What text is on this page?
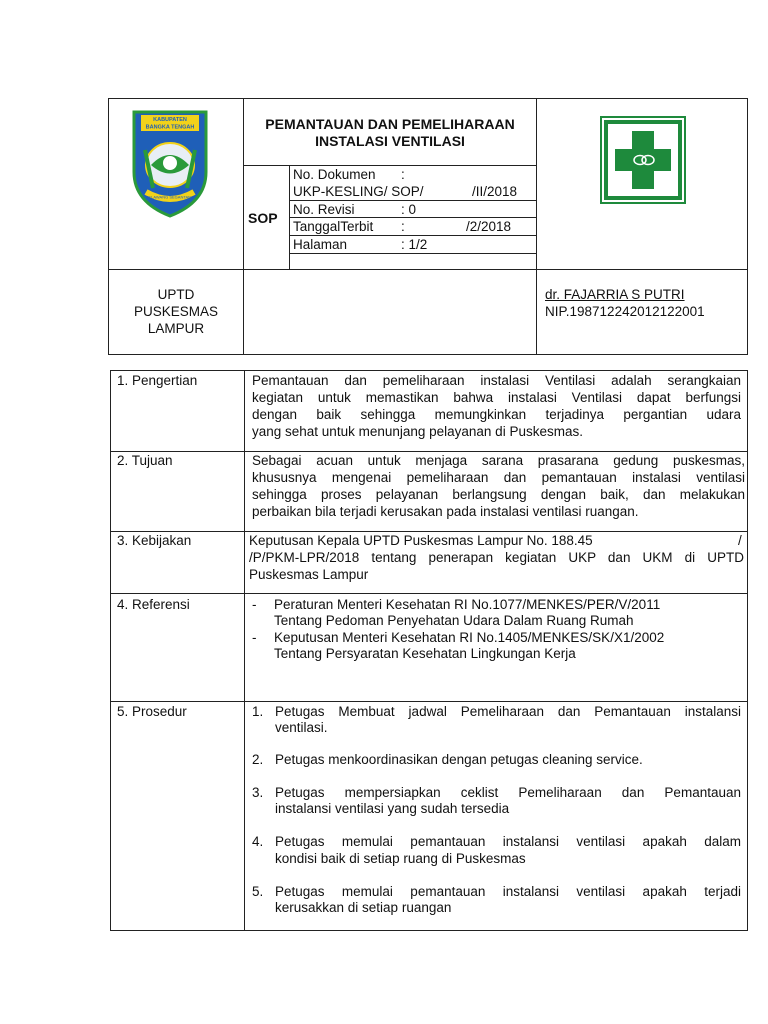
KABUPATEN
BANGKA TENGAH
SELAWANG SEGANTANG
PEMANTAUAN DAN PEMELIHARAAN
INSTALASI VENTILASI
SOP
No. Dokumen :
UKP-KESLING/ SOP/	/II/2018
No. Revisi	: 0
TanggalTerbit :	/2/2018
Halaman	: 1/2
UPTD
PUSKESMAS
LAMPUR
dr. FAJARRIA S PUTRI
NIP.198712242012122001
1. Pengertian	Pemantauan dan pemeliharaan instalasi Ventilasi adalah serangkaian
kegiatan untuk memastikan bahwa instalasi Ventilasi dapat berfungsi
dengan baik sehingga memungkinkan terjadinya pergantian udara
yang sehat untuk menunjang pelayanan di Puskesmas.
2. Tujuan	Sebagai acuan untuk menjaga sarana prasarana gedung puskesmas,
khususnya mengenai pemeliharaan dan pemantauan instalasi ventilasi
sehingga proses pelayanan berlangsung dengan baik, dan melakukan
perbaikan bila terjadi kerusakan pada instalasi ventilasi ruangan.
3. Kebijakan	Keputusan Kepala UPTD Puskesmas Lampur No. 188.45	/
/P/PKM-LPR/2018 tentang penerapan kegiatan UKP dan UKM di UPTD
Puskesmas Lampur
4. Referensi	- Peraturan Menteri Kesehatan RI No.1077/MENKES/PER/V/2011
Tentang Pedoman Penyehatan Udara Dalam Ruang Rumah
- Keputusan Menteri Kesehatan RI No.1405/MENKES/SK/X1/2002
Tentang Persyaratan Kesehatan Lingkungan Kerja
5. Prosedur	1. Petugas Membuat jadwal Pemeliharaan dan Pemantauan instalansi
ventilasi.
2. Petugas menkoordinasikan dengan petugas cleaning service.
3. Petugas mempersiapkan ceklist Pemeliharaan dan Pemantauan
instalansi ventilasi yang sudah tersedia
4. Petugas memulai pemantauan instalansi ventilasi apakah dalam
kondisi baik di setiap ruang di Puskesmas
5. Petugas memulai pemantauan instalansi ventilasi apakah terjadi
kerusakkan di setiap ruangan
